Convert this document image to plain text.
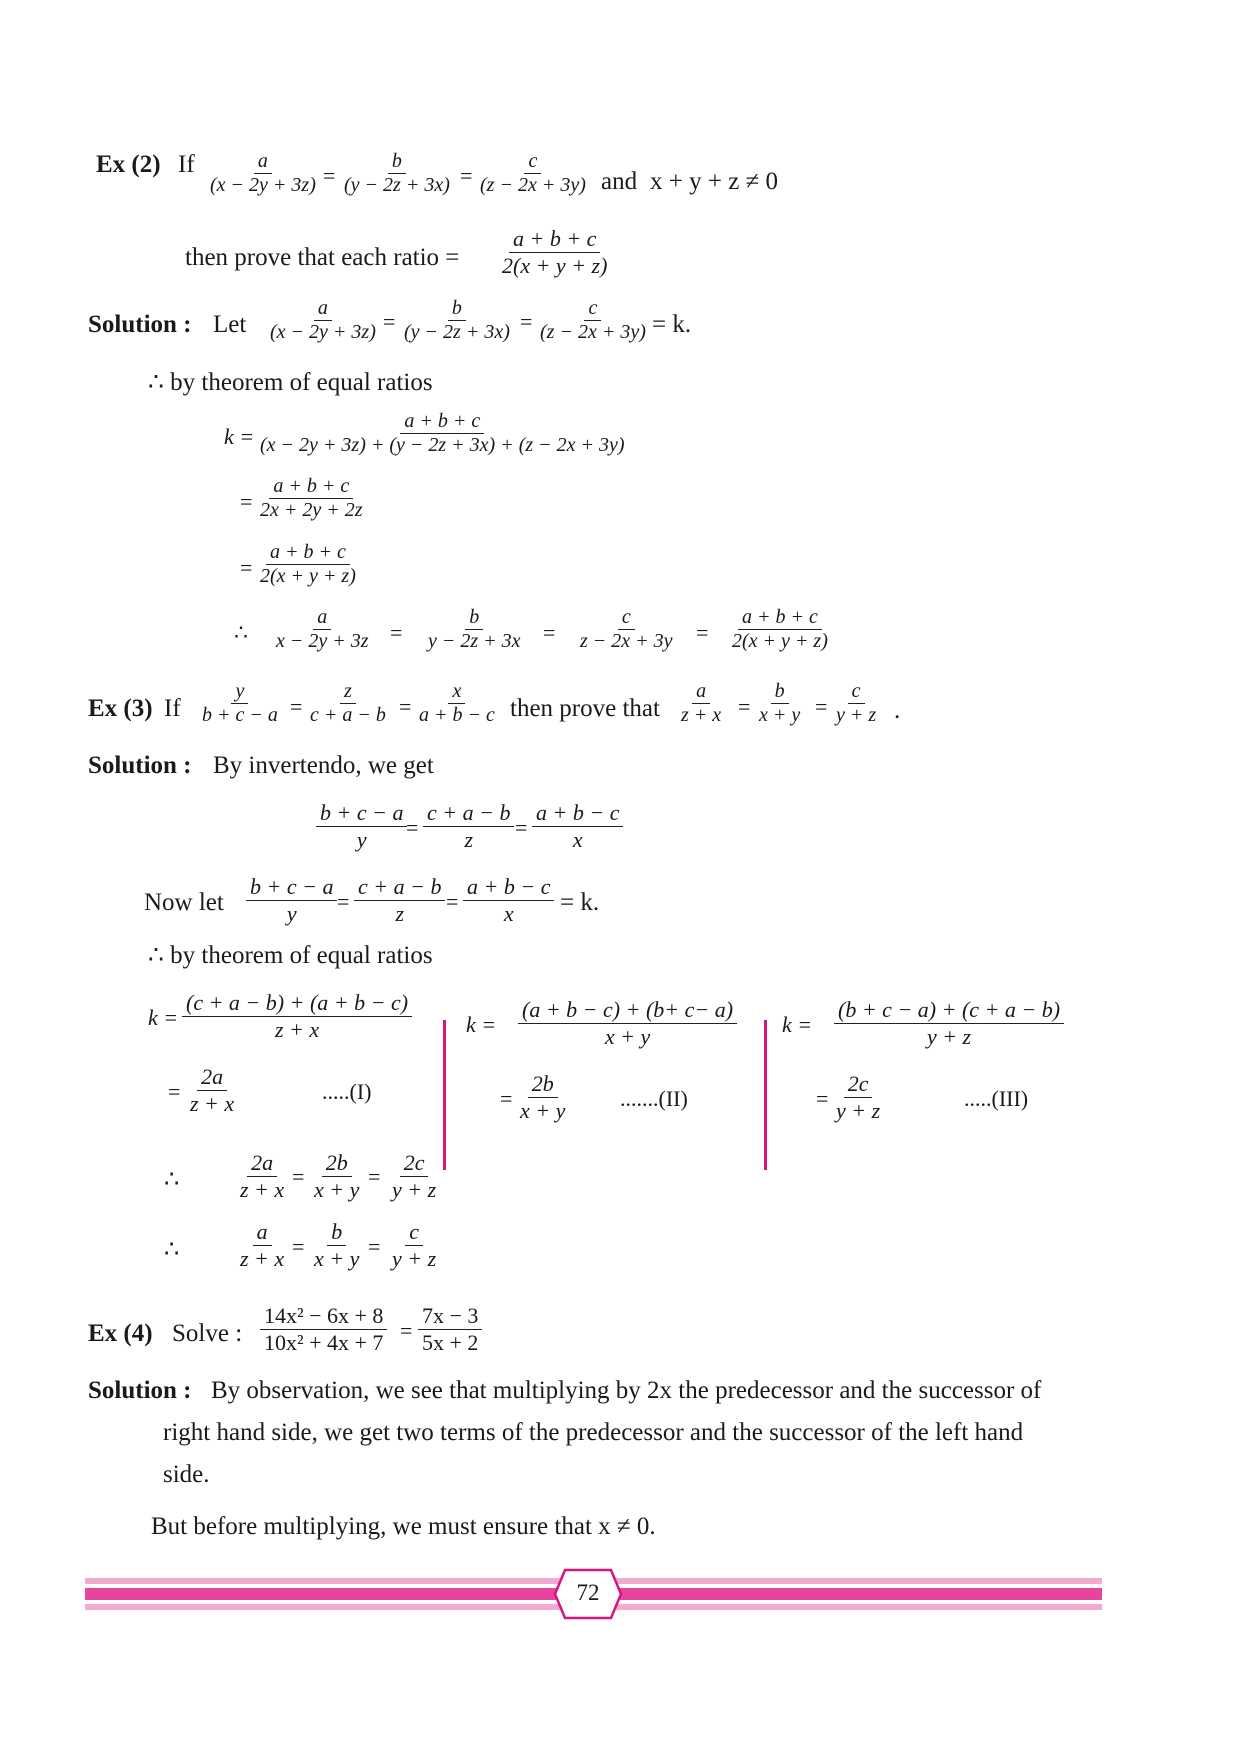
Ex (2) If	a
(x − 2y + 3z) =
b
(y − 2z + 3x) =
c
(z − 2x + 3y) and x + y + z ≠ 0
then prove that each ratio =
a + b + c
2(x + y + z)
Solution : Let
a
(x − 2y + 3z) =
b
(y − 2z + 3x) =
c
(z − 2x + 3y) = k.
∴ by theorem of equal ratios
k =
a + b + c
(x − 2y + 3z) + (y − 2z + 3x) + (z − 2x + 3y)
=
a + b + c
2x + 2y + 2z
=
a + b + c
2(x + y + z)
∴
a
x − 2y + 3z =
b
y − 2z + 3x =
c
z − 2x + 3y =
a + b + c
2(x + y + z)
Ex (3) If
y
b + c − a =
z
c + a − b =
x
a + b − c then prove that
a
z + x =
b
x + y =
c
y + z .
Solution : By invertendo, we get
b + c − a
y =
c + a − b
z =
a + b − c
x
Now let
b + c − a
y =
c + a − b
z =
a + b − c
x = k.
∴ by theorem of equal ratios
k =
(c + a − b) + (a + b − c)
z + x
=
2a
z + x	.....(I)
k =
(a + b − c) + (b+ c− a)
x + y
=
2b
x + y .......(II)
k =
(b + c − a) + (c + a − b)
y + z
=
2c
y + z	.....(III)
∴
2a
z + x
=
2b
x + y
=
2c
y + z
∴
a
z + x =
b
x + y =
c
y + z
Ex (4) Solve :
14x² − 6x + 8
10x² + 4x + 7 =
7x − 3
5x + 2
Solution : By observation, we see that multiplying by 2x the predecessor and the successor of
right hand side, we get two terms of the predecessor and the successor of the left hand
side.
But before multiplying, we must ensure that x ≠ 0.
72
